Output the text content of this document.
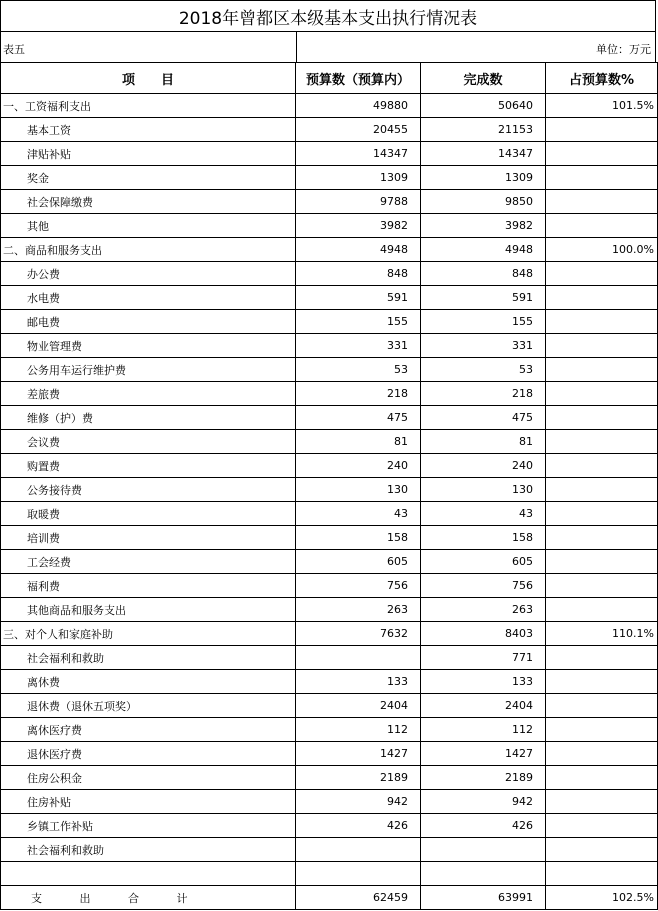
2018年曾都区本级基本支出执行情况表
表五	单位：万元
项　　目	预算数（预算内）	完成数	占预算数%
一、工资福利支出	49880	50640	101.5%
基本工资	20455	21153	
津贴补贴	14347	14347	
奖金	1309	1309	
社会保障缴费	9788	9850	
其他	3982	3982	
二、商品和服务支出	4948	4948	100.0%
办公费	848	848	
水电费	591	591	
邮电费	155	155	
物业管理费	331	331	
公务用车运行维护费	53	53	
差旅费	218	218	
维修（护）费	475	475	
会议费	81	81	
购置费	240	240	
公务接待费	130	130	
取暖费	43	43	
培训费	158	158	
工会经费	605	605	
福利费	756	756	
其他商品和服务支出	263	263	
三、对个人和家庭补助	7632	8403	110.1%
社会福利和救助		771	
离休费	133	133	
退休费（退休五项奖）	2404	2404	
离休医疗费	112	112	
退休医疗费	1427	1427	
住房公积金	2189	2189	
住房补贴	942	942	
乡镇工作补贴	426	426	
社会福利和救助			

支 出 合 计	62459	63991	102.5%
